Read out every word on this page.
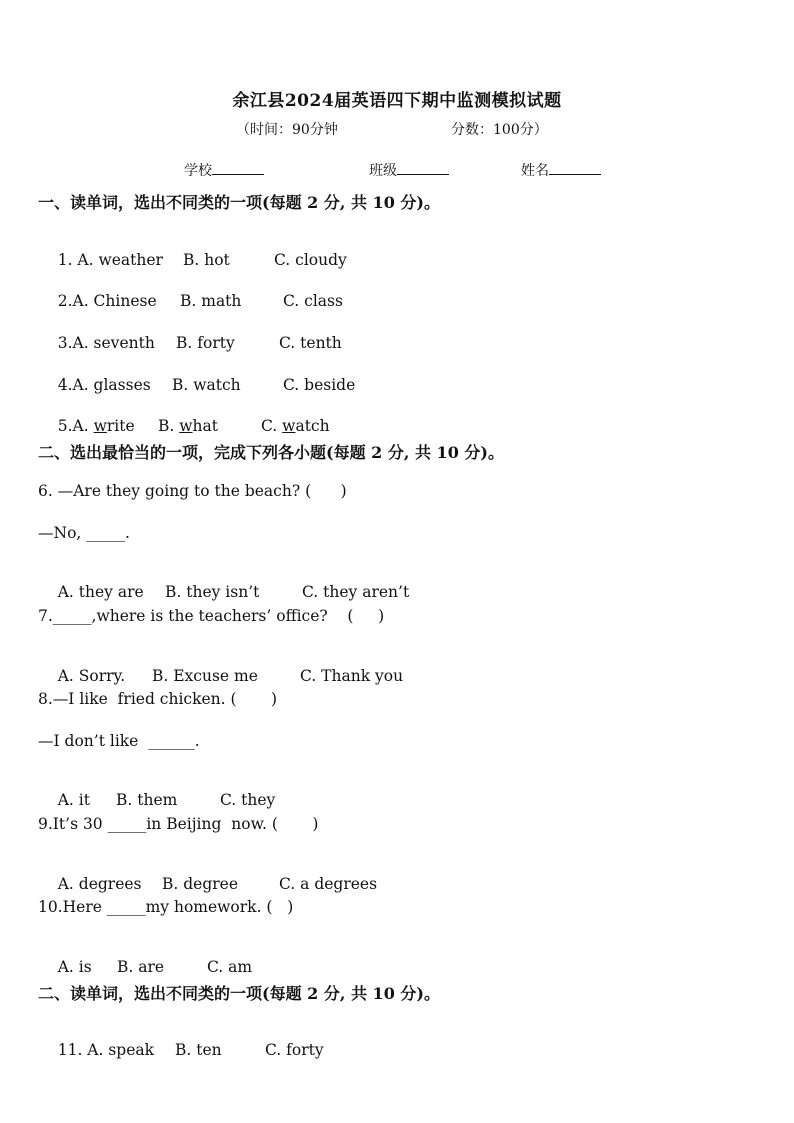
余江县2024届英语四下期中监测模拟试题
（时间：90分钟	分数：100分）
学校	班级	姓名
一、读单词，选出不同类的一项(每题 2 分, 共 10 分)。

1. A. weather B. hot	C. cloudy

2.A. Chinese B. math	C. class

3.A. seventh B. forty	C. tenth

4.A. glasses B. watch	C. beside

5.A. write B. what	C. watch

二、选出最恰当的一项，完成下列各小题(每题 2 分, 共 10 分)。
6. —Are they going to the beach? (      )
—No, _____.

A. they are B. they isn’t	C. they aren’t

7._____,where is the teachers’ office?    (     )

A. Sorry. B. Excuse me	C. Thank you

8.—I like  fried chicken. (       )
—I don’t like  ______.

A. it B. them	C. they

9.It’s 30 _____in Beijing  now. (       )

A. degrees B. degree	C. a degrees

10.Here _____my homework. (   )

A. is B. are	C. am

二、读单词，选出不同类的一项(每题 2 分, 共 10 分)。

11. A. speak B. ten	C. forty
